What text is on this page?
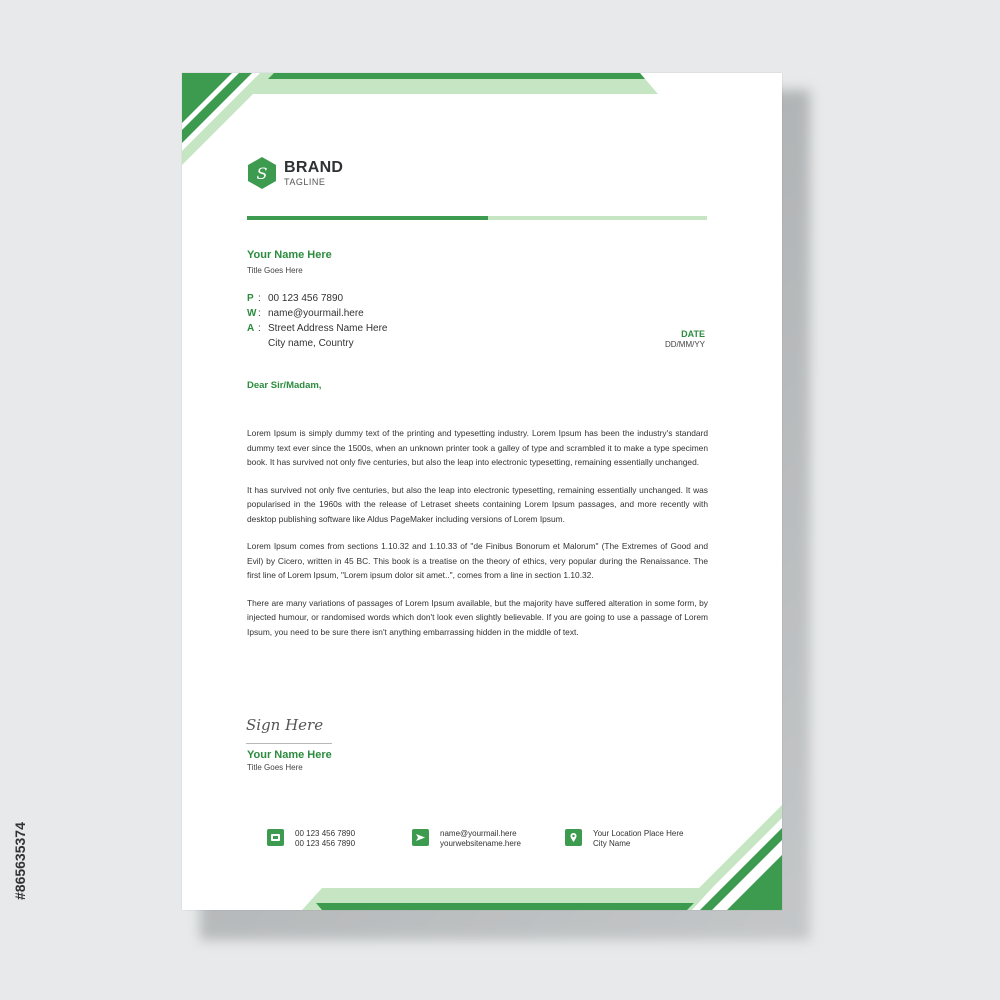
S BRAND
TAGLINE
Your Name Here
Title Goes Here
P : 00 123 456 7890
W : name@yourmail.here
A : Street Address Name Here
City name, Country
DATE
DD/MM/YY
Dear Sir/Madam,

Lorem Ipsum is simply dummy text of the printing and typesetting industry. Lorem Ipsum has been the industry's standard dummy text ever since the 1500s, when an unknown printer took a galley of type and scrambled it to make a type specimen book. It has survived not only five centuries, but also the leap into electronic typesetting, remaining essentially unchanged.

It has survived not only five centuries, but also the leap into electronic typesetting, remaining essentially unchanged. It was popularised in the 1960s with the release of Letraset sheets containing Lorem Ipsum passages, and more recently with desktop publishing software like Aldus PageMaker including versions of Lorem Ipsum.

Lorem Ipsum comes from sections 1.10.32 and 1.10.33 of "de Finibus Bonorum et Malorum" (The Extremes of Good and Evil) by Cicero, written in 45 BC. This book is a treatise on the theory of ethics, very popular during the Renaissance. The first line of Lorem Ipsum, "Lorem ipsum dolor sit amet..", comes from a line in section 1.10.32.

There are many variations of passages of Lorem Ipsum available, but the majority have suffered alteration in some form, by injected humour, or randomised words which don't look even slightly believable. If you are going to use a passage of Lorem Ipsum, you need to be sure there isn't anything embarrassing hidden in the middle of text.

Sign Here
Your Name Here
Title Goes Here
00 123 456 7890
00 123 456 7890
name@yourmail.here
yourwebsitename.here
Your Location Place Here
City Name
#865635374
